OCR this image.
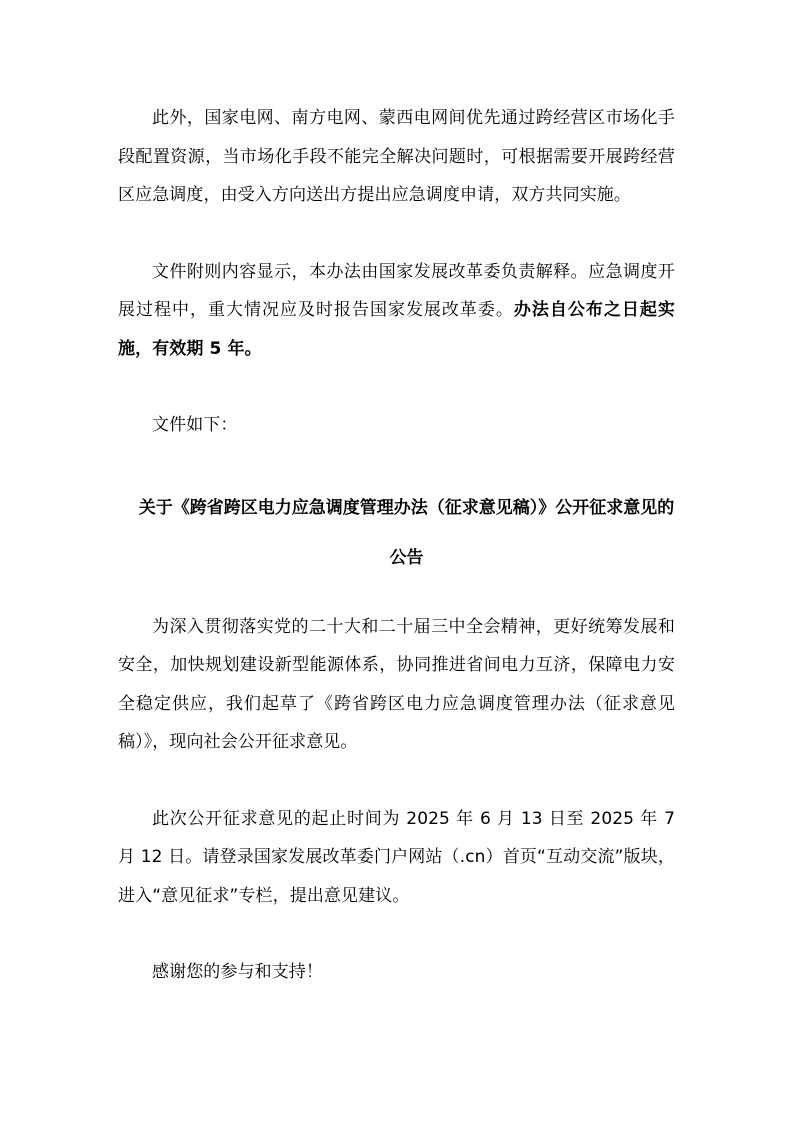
此外，国家电网、南方电网、蒙西电网间优先通过跨经营区市场化手段配置资源，当市场化手段不能完全解决问题时，可根据需要开展跨经营区应急调度，由受入方向送出方提出应急调度申请，双方共同实施。

文件附则内容显示，本办法由国家发展改革委负责解释。应急调度开展过程中，重大情况应及时报告国家发展改革委。办法自公布之日起实施，有效期 5 年。

文件如下：

关于《跨省跨区电力应急调度管理办法（征求意见稿）》公开征求意见的公告

为深入贯彻落实党的二十大和二十届三中全会精神，更好统筹发展和安全，加快规划建设新型能源体系，协同推进省间电力互济，保障电力安全稳定供应，我们起草了《跨省跨区电力应急调度管理办法（征求意见稿）》，现向社会公开征求意见。

此次公开征求意见的起止时间为 2025 年 6 月 13 日至 2025 年 7 月 12 日。请登录国家发展改革委门户网站（.cn）首页“互动交流”版块，进入“意见征求”专栏，提出意见建议。

感谢您的参与和支持！
